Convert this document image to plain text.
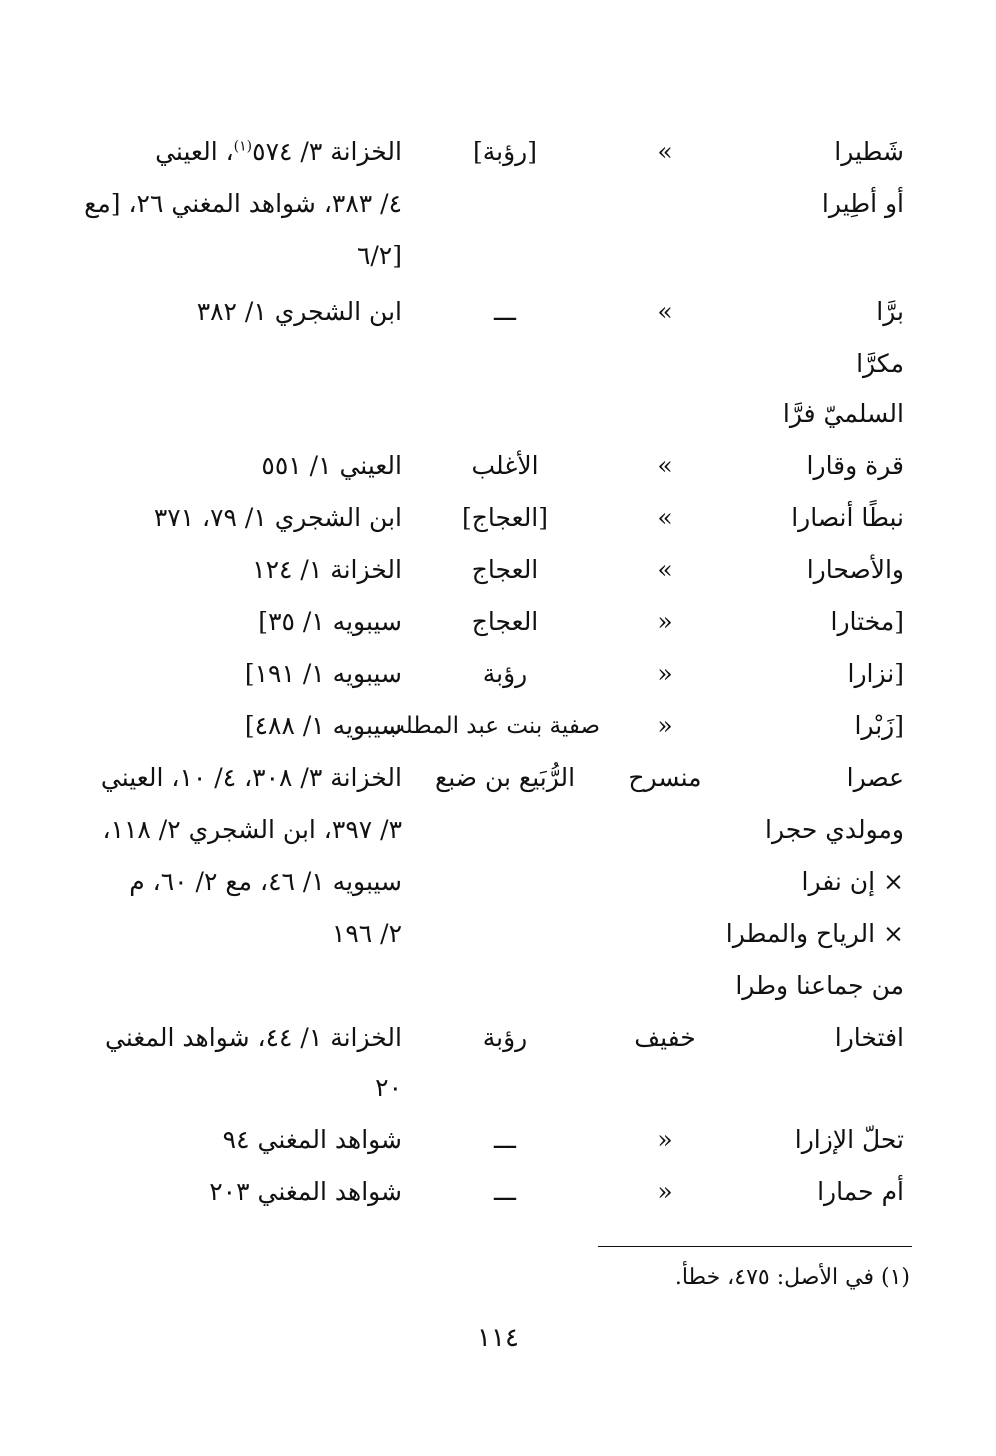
شَطيرا
أو أطِيرا
«
[رؤبة]
الخزانة ٣/ ٥٧٤$^{(١)}$، العيني
٤/ ٣٨٣، شواهد المغني ٢٦، [مع
٦/٢]
برَّا
مكرَّا
السلميّ فرَّا
«
ـــ
ابن الشجري ١/ ٣٨٢
قرة وقارا
«
الأغلب
العيني ١/ ٥٥١
نبطًا أنصارا
«
[العجاج]
ابن الشجري ١/ ٧٩، ٣٧١
والأصحارا
«
العجاج
الخزانة ١/ ١٢٤
[مختارا
»
العجاج
سيبويه ١/ ٣٥]
[نزارا
»
رؤبة
سيبويه ١/ ١٩١]
[زَبْرا
»
صفية بنت عبد المطلب
سيبويه ١/ ٤٨٨]
عصرا
ومولدي حجرا
× إن نفرا
× الرياح والمطرا
من جماعنا وطرا
منسرح
الرُّبَيع بن ضبع
الخزانة ٣/ ٣٠٨، ٤/ ١٠، العيني
٣/ ٣٩٧، ابن الشجري ٢/ ١١٨،
سيبويه ١/ ٤٦، مع ٢/ ٦٠، م
٢/ ١٩٦
افتخارا
خفيف
رؤبة
الخزانة ١/ ٤٤، شواهد المغني
٢٠
تحلّ الإزارا
»
ـــ
شواهد المغني ٩٤
أم حمارا
»
ـــ
شواهد المغني ٢٠٣
(١) في الأصل: ٤٧٥، خطأ.
١١٤
